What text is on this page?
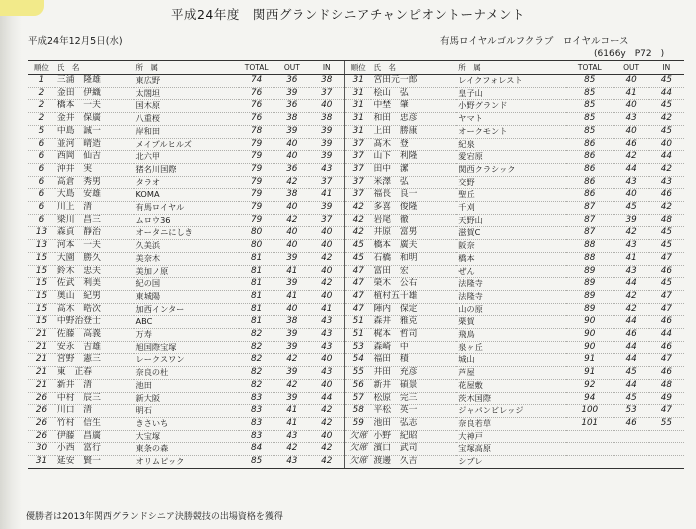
平成24年度　関西グランドシニアチャンピオントーナメント
平成24年12月5日(水)	有馬ロイヤルゴルフクラブ　ロイヤルコース
(6166y　P72　)
順位	氏　名	所　属	TOTAL	OUT	IN	順位	氏　名	所　属	TOTAL	OUT	IN
1	三浦　隆雄	東広野	74	36	38	31	宮田元一郎	レイクフォレスト	85	40	45
2	金田　伊織	太閤坦	76	39	37	31	桧山　弘	皇子山	85	41	44
2	橋本　一夫	国木原	76	36	40	31	中埜　肇	小野グランド	85	40	45
2	金井　保廣	八重桜	76	38	38	31	和田　忠彦	ヤマト	85	43	42
5	中島　誠一	岸和田	78	39	39	31	上田　勝康	オークモント	85	40	45
6	並河　晴造	メイプルヒルズ	79	40	39	37	髙木　登	紀泉	86	46	40
6	西岡　仙吉	北六甲	79	40	39	37	山下　利隆	愛宕原	86	42	44
6	沖井　実	猪名川国際	79	36	43	37	田中　潔	関西クラシック	86	44	42
6	高倉　秀男	タラオ	79	42	37	37	米澤　弘	交野	86	43	43
6	大島　安雄	KOMA	79	38	41	37	福長　良一	聖丘	86	40	46
6	川上　清	有馬ロイヤル	79	40	39	42	多喜　俊隆	千刈	87	45	42
6	梁川　昌三	ムロウ36	79	42	37	42	岩尾　徹	天野山	87	39	48
13	森貞　靜治	オータニにしき	80	40	40	42	井原　富男	滋賀C	87	42	45
13	河本　一夫	久美浜	80	40	40	45	橋本　廣夫	阪奈	88	43	45
15	大園　勝久	美奈木	81	39	42	45	石橋　和明	橋本	88	41	47
15	鈴木　忠夫	美加ノ原	81	41	40	47	富田　宏	ぜん	89	43	46
15	佐武　利美	紀の国	81	39	42	47	榮木　公右	法隆寺	89	44	45
15	奥山　紀男	東城陽	81	41	40	47	植村五十雄	法隆寺	89	42	47
15	高木　晧次	加西インター	81	40	41	47	陣内　保定	山の原	89	42	47
15	中野治登士	ABC	81	38	43	51	森井　雅克	栗賀	90	44	46
21	佐藤　高義	万寿	82	39	43	51	梶本　哲司	飛鳥	90	46	44
21	安永　吉雄	旭国際宝塚	82	39	43	53	森崎　中	泉ヶ丘	90	44	46
21	宮野　憲三	レークスワン	82	42	40	54	福田　積	城山	91	44	47
21	東　正春	奈良の杜	82	39	43	55	井田　充彦	芦屋	91	45	46
21	新井　清	池田	82	42	40	56	新井　碩景	花屋敷	92	44	48
26	中村　辰三	新大阪	83	39	44	57	松原　完三	茨木国際	94	45	49
26	川口　清	明石	83	41	42	58	平松　英一	ジャパンビレッジ	100	53	47
26	竹村　信生	きさいち	83	41	42	59	池田　弘志	奈良若草	101	46	55
26	伊藤　昌廣	大宝塚	83	43	40	欠席	小野　紀昭	大神戸			
30	小西　富行	東条の森	84	42	42	欠席	濱口　武司	宝塚高原			
31	延安　賢一	オリムピック	85	43	42	欠席	渡邊　久吉	シプレ			
優勝者は2013年関西グランドシニア決勝競技の出場資格を獲得
